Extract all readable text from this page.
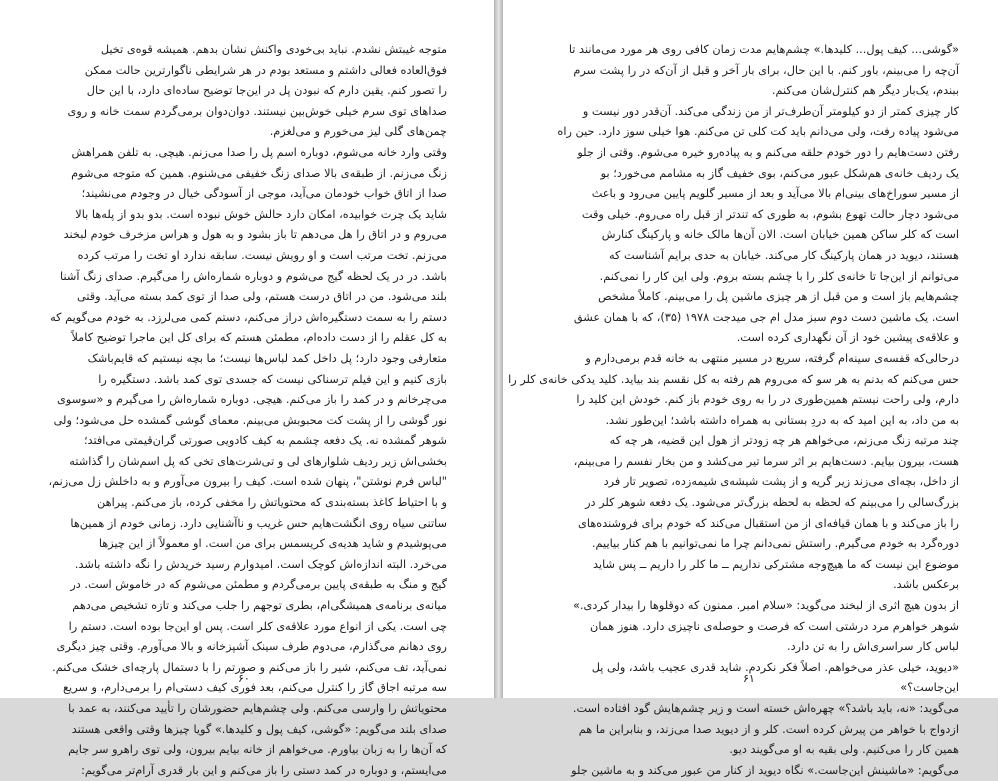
متوجه غیبتش نشدم. نباید بی‌خودی واکنش نشان بدهم. همیشه قوه‌ی تخیل
فوق‌العاده فعالی داشتم و مستعد بودم در هر شرایطی ناگوارترین حالت ممکن
را تصور کنم. یقین دارم که نبودن پل در این‌جا توضیح ساده‌ای دارد، با این حال
صداهای توی سرم خیلی خوش‌بین نیستند. دوان‌دوان برمی‌گردم سمت خانه و روی
چمن‌های گلی لیز می‌خورم و می‌لغزم.
وقتی وارد خانه می‌شوم، دوباره اسم پل را صدا می‌زنم. هیچی. به تلفن همراهش
زنگ می‌زنم. از طبقه‌ی بالا صدای زنگ خفیفی می‌شنوم. همین که متوجه می‌شوم
صدا از اتاق خواب خودمان می‌آید، موجی از آسودگی خیال در وجودم می‌نشیند؛
شاید یک چرت خوابیده، امکان دارد حالش خوش نبوده است. بدو بدو از پله‌ها بالا
می‌روم و در اتاق را هل می‌دهم تا باز بشود و به هول و هراس مزخرف خودم لبخند
می‌زنم. تخت مرتب است و او رویش نیست. سابقه ندارد او تخت را مرتب کرده
باشد. در در یک لحظه گیج می‌شوم و دوباره شماره‌اش را می‌گیرم. صدای زنگ آشنا
بلند می‌شود. من در اتاق درست هستم، ولی صدا از توی کمد بسته می‌آید. وقتی
دستم را به سمت دستگیره‌اش دراز می‌کنم، دستم کمی می‌لرزد. به خودم می‌گویم که
به کل عقلم را از دست داده‌ام، مطمئن هستم که برای کل این ماجرا توضیح کاملاً
متعارفی وجود دارد؛ پل داخل کمد لباس‌ها نیست؛ ما بچه نیستیم که قایم‌باشک
بازی کنیم و این فیلم ترسناکی نیست که جسدی توی کمد باشد. دستگیره را
می‌چرخانم و در کمد را باز می‌کنم. هیچی. دوباره شماره‌اش را می‌گیرم و «سوسوی
نور گوشی را از پشت کت محبوبش می‌بینم. معمای گوشی گمشده حل می‌شود؛ ولی
شوهر گمشده نه. یک دفعه چشمم به کیف کادویی صورتی گران‌قیمتی می‌افتد؛
بخشی‌اش زیر ردیف شلوارهای لی و تی‌شرت‌های تخی که پل اسم‌شان را گذاشته
"لباس فرم نوشتن"، پنهان شده است. کیف را بیرون می‌آورم و به داخلش زل می‌زنم،
و با احتیاط کاغذ بسته‌بندی که محتویاتش را مخفی کرده، باز می‌کنم. پیراهن
ساتنی سیاه روی انگشت‌هایم حس غریب و ناآشنایی دارد. زمانی خودم از همین‌ها
می‌پوشیدم و شاید هدیه‌ی کریسمس برای من است. او معمولاً از این چیزها
می‌خرد. البته اندازه‌اش کوچک است. امیدوارم رسید خریدش را نگه داشته باشد.
گیج و منگ به طبقه‌ی پایین برمی‌گردم و مطمئن می‌شوم که در خاموش است. در
میانه‌ی برنامه‌ی همیشگی‌ام، بطری توجهم را جلب می‌کند و تازه تشخیص می‌دهم
چی است. یکی از انواع مورد علاقه‌ی کلر است. پس او این‌جا بوده است. دستم را
روی دهانم می‌گذارم، می‌دوم طرف سینک آشپزخانه و بالا می‌آورم. وقتی چیز دیگری
نمی‌آید، تف می‌کنم، شیر را باز می‌کنم و صورتم را با دستمال پارچه‌ای خشک می‌کنم.
سه مرتبه اجاق گاز را کنترل می‌کنم، بعد فوری کیف دستی‌ام را برمی‌دارم، و سریع
محتویاتش را وارسی می‌کنم. ولی چشم‌هایم حضورشان را تأیید می‌کنند، به عمد با
صدای بلند می‌گویم: «گوشی، کیف پول و کلیدها.» گویا چیزها وقتی واقعی هستند
که آن‌ها را به زبان بیاورم. می‌خواهم از خانه بیایم بیرون، ولی توی راهرو سر جایم
می‌ایستم، و دوباره در کمد دستی را باز می‌کنم و این بار قدری آرام‌تر می‌گویم:
۶۰
«گوشی... کیف پول... کلیدها.» چشم‌هایم مدت زمان کافی روی هر مورد می‌مانند تا
آن‌چه را می‌بینم، باور کنم. با این حال، برای بار آخر و قبل از آن‌که در را پشت سرم
ببندم، یک‌بار دیگر هم کنترل‌شان می‌کنم.
کار چیزی کمتر از دو کیلومتر آن‌طرف‌تر از من زندگی می‌کند. آن‌قدر دور نیست و
می‌شود پیاده رفت، ولی می‌دانم باید کت کلی تن می‌کنم. هوا خیلی سوز دارد. حین راه
رفتن دست‌هایم را دور خودم حلقه می‌کنم و به پیاده‌رو خیره می‌شوم. وقتی از جلو
یک ردیف خانه‌ی هم‌شکل عبور می‌کنم، بوی خفیف گاز به مشامم می‌خورد؛ بو
از مسیر سوراخ‌های بینی‌ام بالا می‌آید و بعد از مسیر گلویم پایین می‌رود و باعث
می‌شود دچار حالت تهوع بشوم، به طوری که تندتر از قبل راه می‌روم. خیلی وقت
است که کلر ساکن همین خیابان است. الان آن‌ها مالک خانه و پارکینگ کنارش
هستند، دیوید در همان پارکینگ کار می‌کند. خیابان به حدی برایم آشناست که
می‌توانم از این‌جا تا خانه‌ی کلر را با چشم بسته بروم. ولی این کار را نمی‌کنم.
چشم‌هایم باز است و من قبل از هر چیزی ماشین پل را می‌بینم. کاملاً مشخص
است. یک ماشین دست دوم سبز مدل ام جی میدجت ۱۹۷۸ (۳۵)، که با همان عشق
و علاقه‌ی پیشین خود از آن نگهداری کرده است.
درحالی‌که قفسه‌ی سینه‌ام گرفته، سریع در مسیر منتهی به خانه قدم برمی‌دارم و
حس می‌کنم که بدنم به هر سو که می‌روم هم رفته به کل نقسم بند بیاید. کلید یدکی خانه‌ی کلر را
دارم، ولی راحت نیستم همین‌طوری در را به روی خودم باز کنم. خودش این کلید را
به من داد، به این امید که به دردِ بستانی به همراه داشته باشد؛ این‌طور نشد.
چند مرتبه زنگ می‌زنم، می‌خواهم هر چه زودتر از هول این قضیه، هر چه که
هست، بیرون بیایم. دست‌هایم بر اثر سرما تیر می‌کشد و من بخار نفسم را می‌بینم،
از داخل، بچه‌ای می‌زند زیر گریه و از پشت شیشه‌ی شیمه‌زده، تصویر تار فرد
بزرگ‌سالی را می‌بینم که لحظه به لحظه بزرگ‌تر می‌شود. یک دفعه شوهر کلر در
را باز می‌کند و با همان قیافه‌ای از من استقبال می‌کند که خودم برای فروشنده‌های
دوره‌گرد به خودم می‌گیرم. راستش نمی‌دانم چرا ما نمی‌توانیم با هم کنار بیاییم.
موضوع این نیست که ما هیچ‌وجه مشترکی نداریم ــ ما کلر را داریم ــ پس شاید
برعکس باشد.
از بدون هیچ اثری از لبخند می‌گوید: «سلام امبر. ممنون که دوقلوها را بیدار کردی.»
شوهر خواهرم مرد درشتی است که فرصت و حوصله‌ی ناچیزی دارد. هنوز همان
لباس کار سراسری‌اش را به تن دارد.
«دیوید، خیلی عذر می‌خواهم. اصلاً فکر نکردم. شاید قدری عجیب باشد، ولی پل
این‌جاست؟»
می‌گوید: «نه، باید باشد؟» چهره‌اش خسته است و زیر چشم‌هایش گود افتاده است.
ازدواج با خواهر من پیرش کرده است. کلر و از دیوید صدا می‌زند، و بنابراین ما هم
همین کار را می‌کنیم. ولی بقیه به او می‌گویند دیو.
می‌گویم: «ماشینش این‌جاست.» نگاه دیوید از کنار من عبور می‌کند و به ماشین جلو
۶۱
